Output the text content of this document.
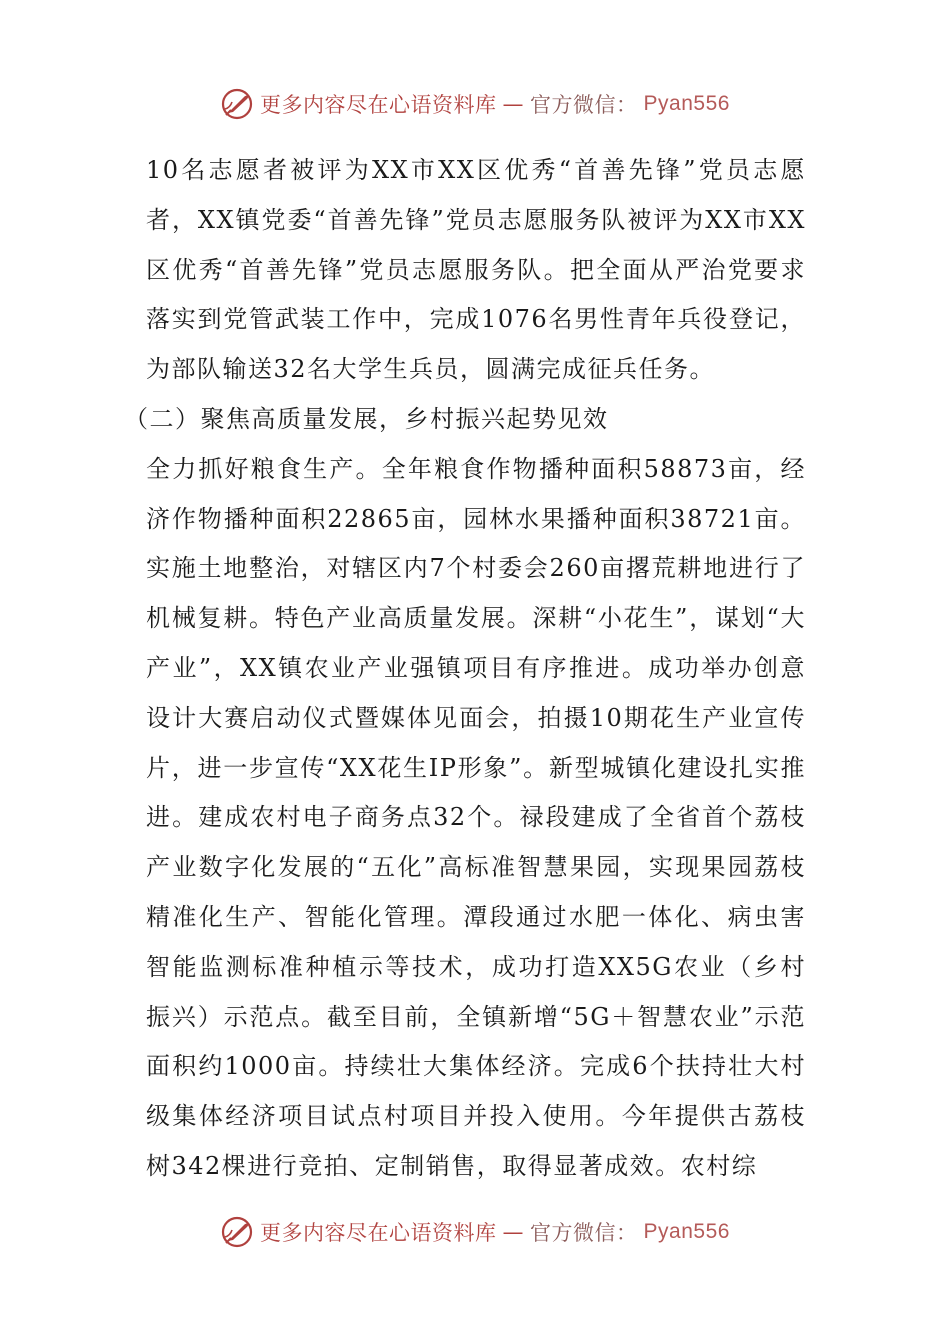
更多内容尽在心语资料库 — 官方微信： Pyan556

10名志愿者被评为XX市XX区优秀“首善先锋”党员志愿者，XX镇党委“首善先锋”党员志愿服务队被评为XX市XX区优秀“首善先锋”党员志愿服务队。把全面从严治党要求落实到党管武装工作中，完成1076名男性青年兵役登记，为部队输送32名大学生兵员，圆满完成征兵任务。

（二）聚焦高质量发展，乡村振兴起势见效

全力抓好粮食生产。全年粮食作物播种面积58873亩，经济作物播种面积22865亩，园林水果播种面积38721亩。实施土地整治，对辖区内7个村委会260亩撂荒耕地进行了机械复耕。特色产业高质量发展。深耕“小花生”，谋划“大产业”，XX镇农业产业强镇项目有序推进。成功举办创意设计大赛启动仪式暨媒体见面会，拍摄10期花生产业宣传片，进一步宣传“XX花生IP形象”。新型城镇化建设扎实推进。建成农村电子商务点32个。禄段建成了全省首个荔枝产业数字化发展的“五化”高标准智慧果园，实现果园荔枝精准化生产、智能化管理。潭段通过水肥一体化、病虫害智能监测标准种植示等技术，成功打造XX5G农业（乡村振兴）示范点。截至目前，全镇新增“5G＋智慧农业”示范面积约1000亩。持续壮大集体经济。完成6个扶持壮大村级集体经济项目试点村项目并投入使用。今年提供古荔枝树342棵进行竞拍、定制销售，取得显著成效。农村综

更多内容尽在心语资料库 — 官方微信： Pyan556
